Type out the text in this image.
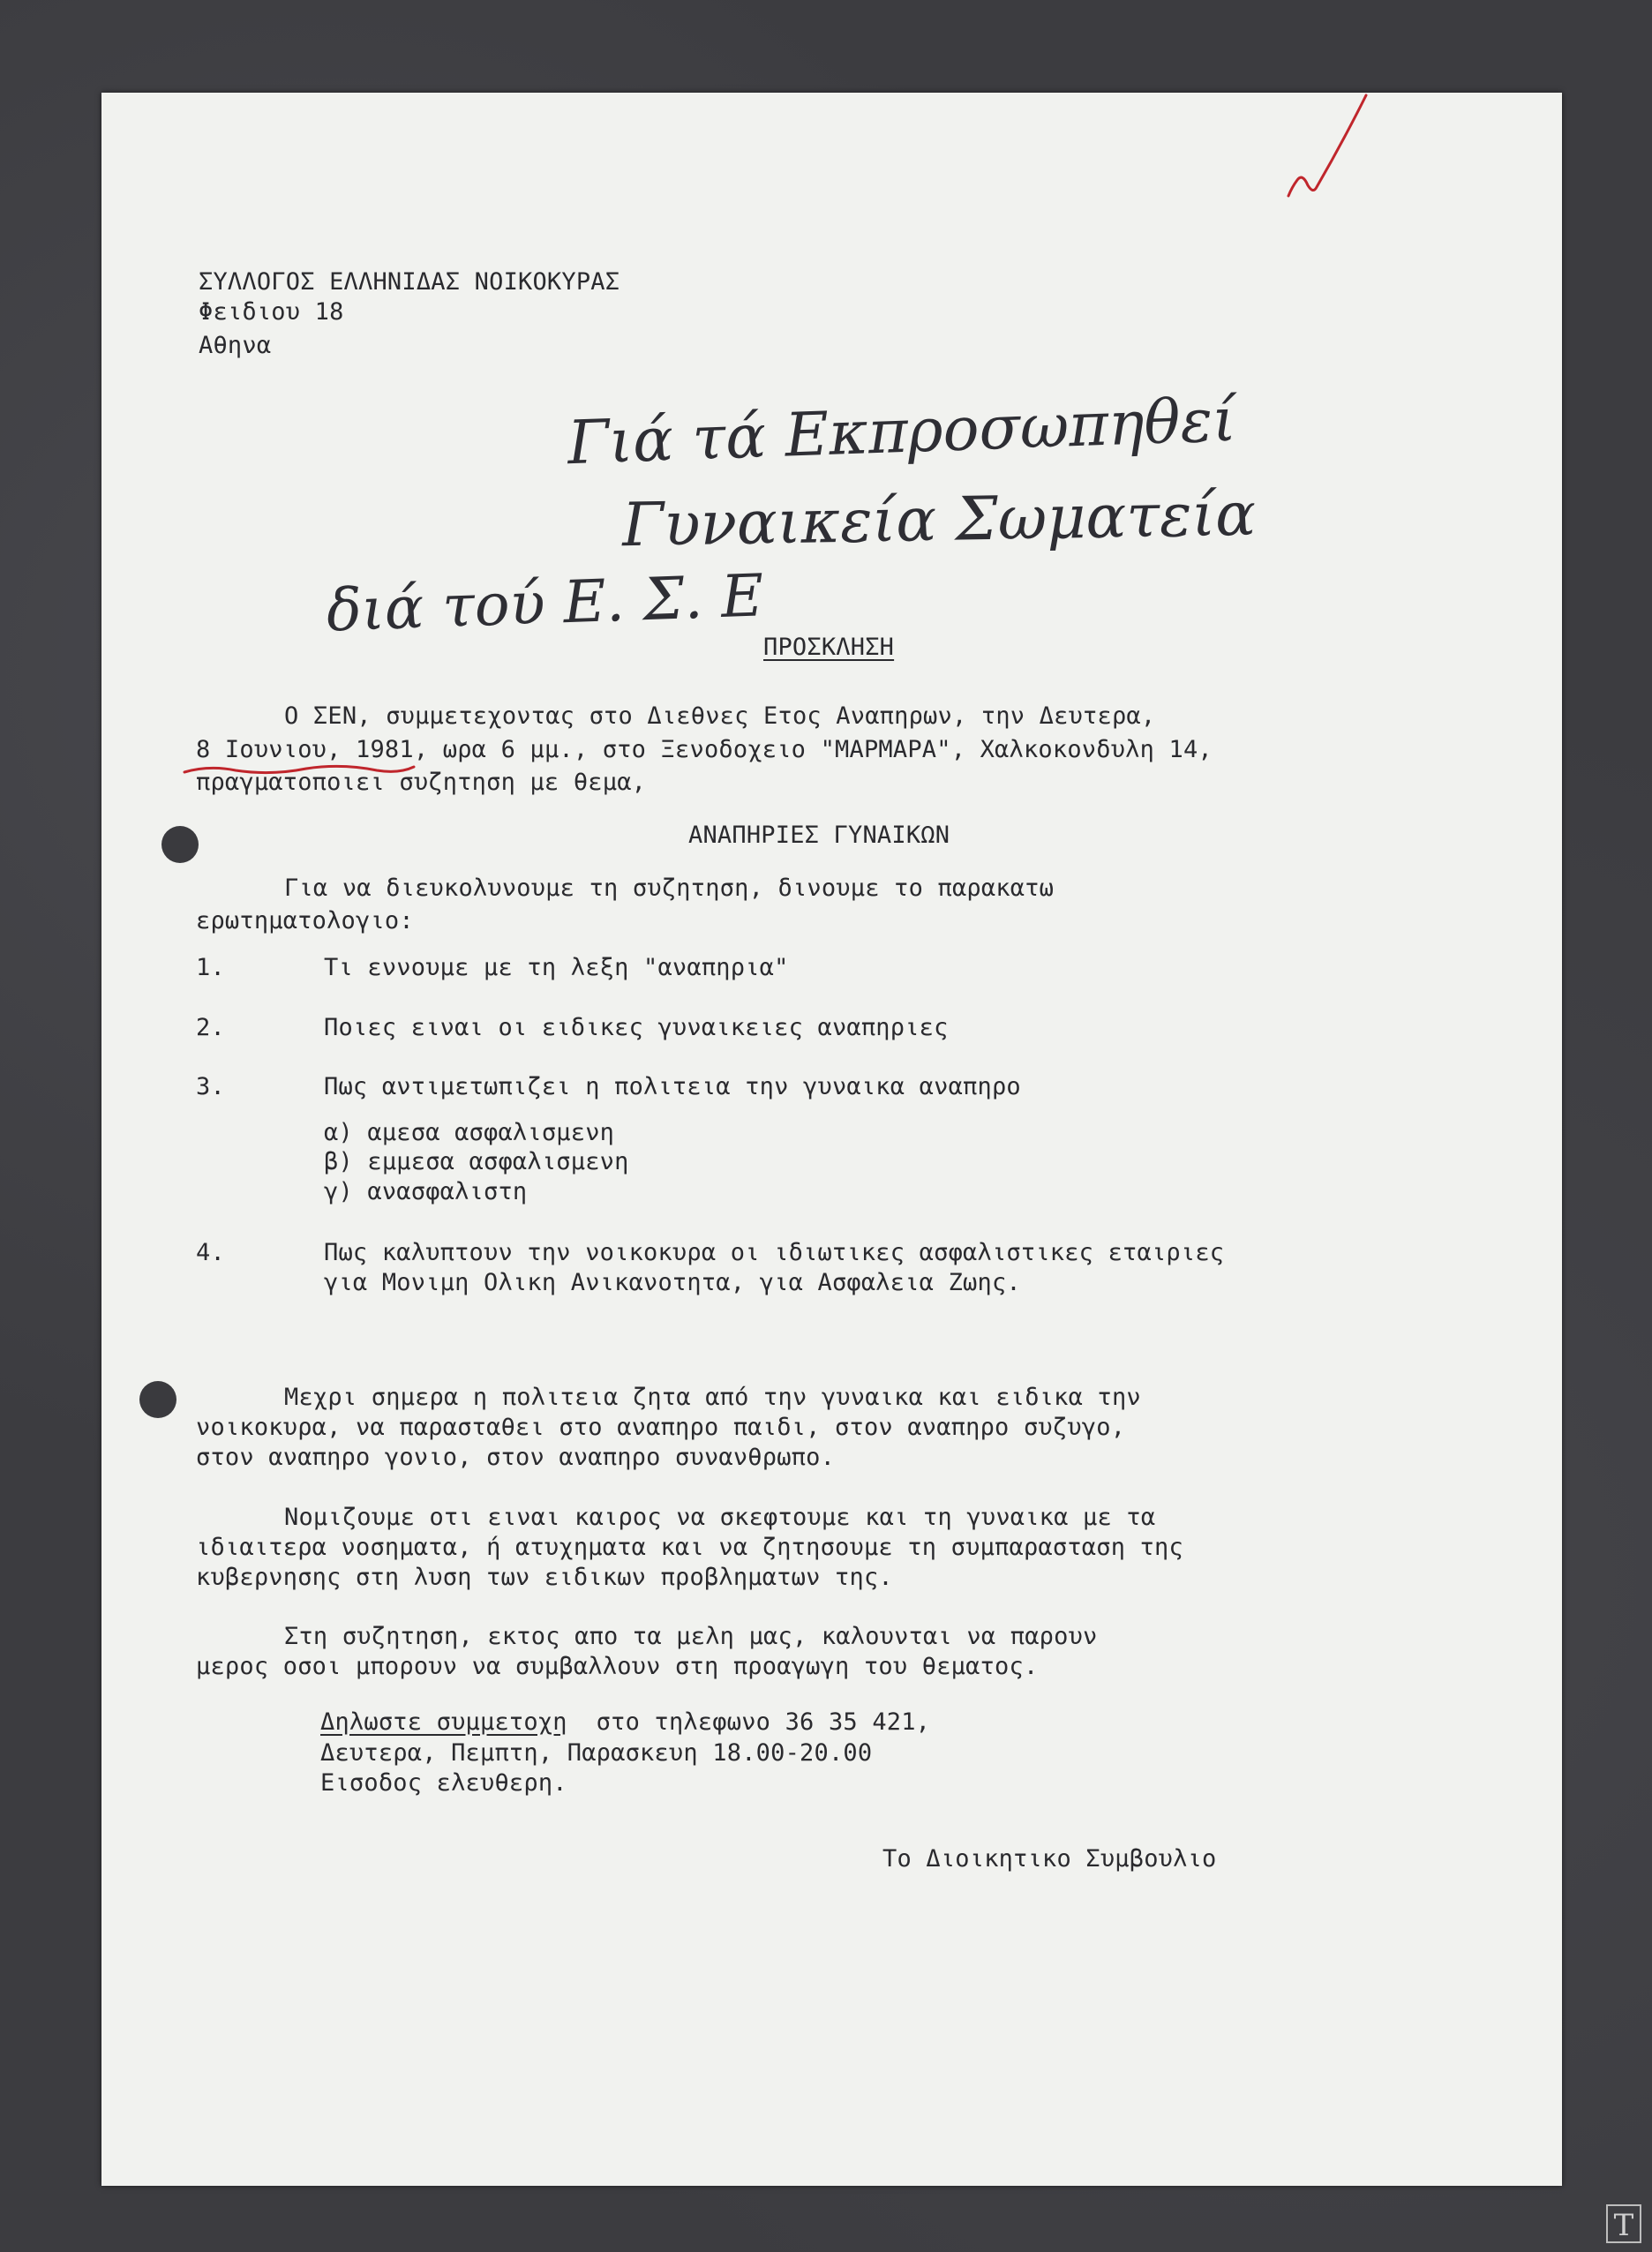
ΣΥΛΛΟΓΟΣ ΕΛΛΗΝΙΔΑΣ ΝΟΙΚΟΚΥΡΑΣ
Φειδιου 18
Αθηνα
Γιά τά Εκπροσωπηθεί
Γυναικεία Σωματεία
διά τού Ε. Σ. Ε
ΠΡΟΣΚΛΗΣΗ
Ο ΣΕΝ, συμμετεχοντας στο Διεθνες Ετος Αναπηρων, την Δευτερα,
8 Ιουνιου, 1981, ωρα 6 μμ., στο Ξενοδοχειο "ΜΑΡΜΑΡΑ", Χαλκοκονδυλη 14,
πραγματοποιει συζητηση με θεμα,
ΑΝΑΠΗΡΙΕΣ ΓΥΝΑΙΚΩΝ
Για να διευκολυνουμε τη συζητηση, δινουμε το παρακατω
ερωτηματολογιο:
1.	Τι εννουμε με τη λεξη "αναπηρια"
2.	Ποιες ειναι οι ειδικες γυναικειες αναπηριες
3.	Πως αντιμετωπιζει η πολιτεια την γυναικα αναπηρο
α) αμεσα ασφαλισμενη
β) εμμεσα ασφαλισμενη
γ) ανασφαλιστη
4.	Πως καλυπτουν την νοικοκυρα οι ιδιωτικες ασφαλιστικες εταιριες
για Μονιμη Ολικη Ανικανοτητα, για Ασφαλεια Ζωης.
Μεχρι σημερα η πολιτεια ζητα από την γυναικα και ειδικα την
νοικοκυρα, να παρασταθει στο αναπηρο παιδι, στον αναπηρο συζυγο,
στον αναπηρο γονιο, στον αναπηρο συνανθρωπο.
Νομιζουμε οτι ειναι καιρος να σκεφτουμε και τη γυναικα με τα
ιδιαιτερα νοσηματα, ή ατυχηματα και να ζητησουμε τη συμπαρασταση της
κυβερνησης στη λυση των ειδικων προβληματων της.
Στη συζητηση, εκτος απο τα μελη μας, καλουνται να παρουν
μερος οσοι μπορουν να συμβαλλουν στη προαγωγη του θεματος.
Δηλωστε συμμετοχη  στο τηλεφωνο 36 35 421,
Δευτερα, Πεμπτη, Παρασκευη 18.00-20.00
Εισοδος ελευθερη.
Το Διοικητικο Συμβουλιο
T
